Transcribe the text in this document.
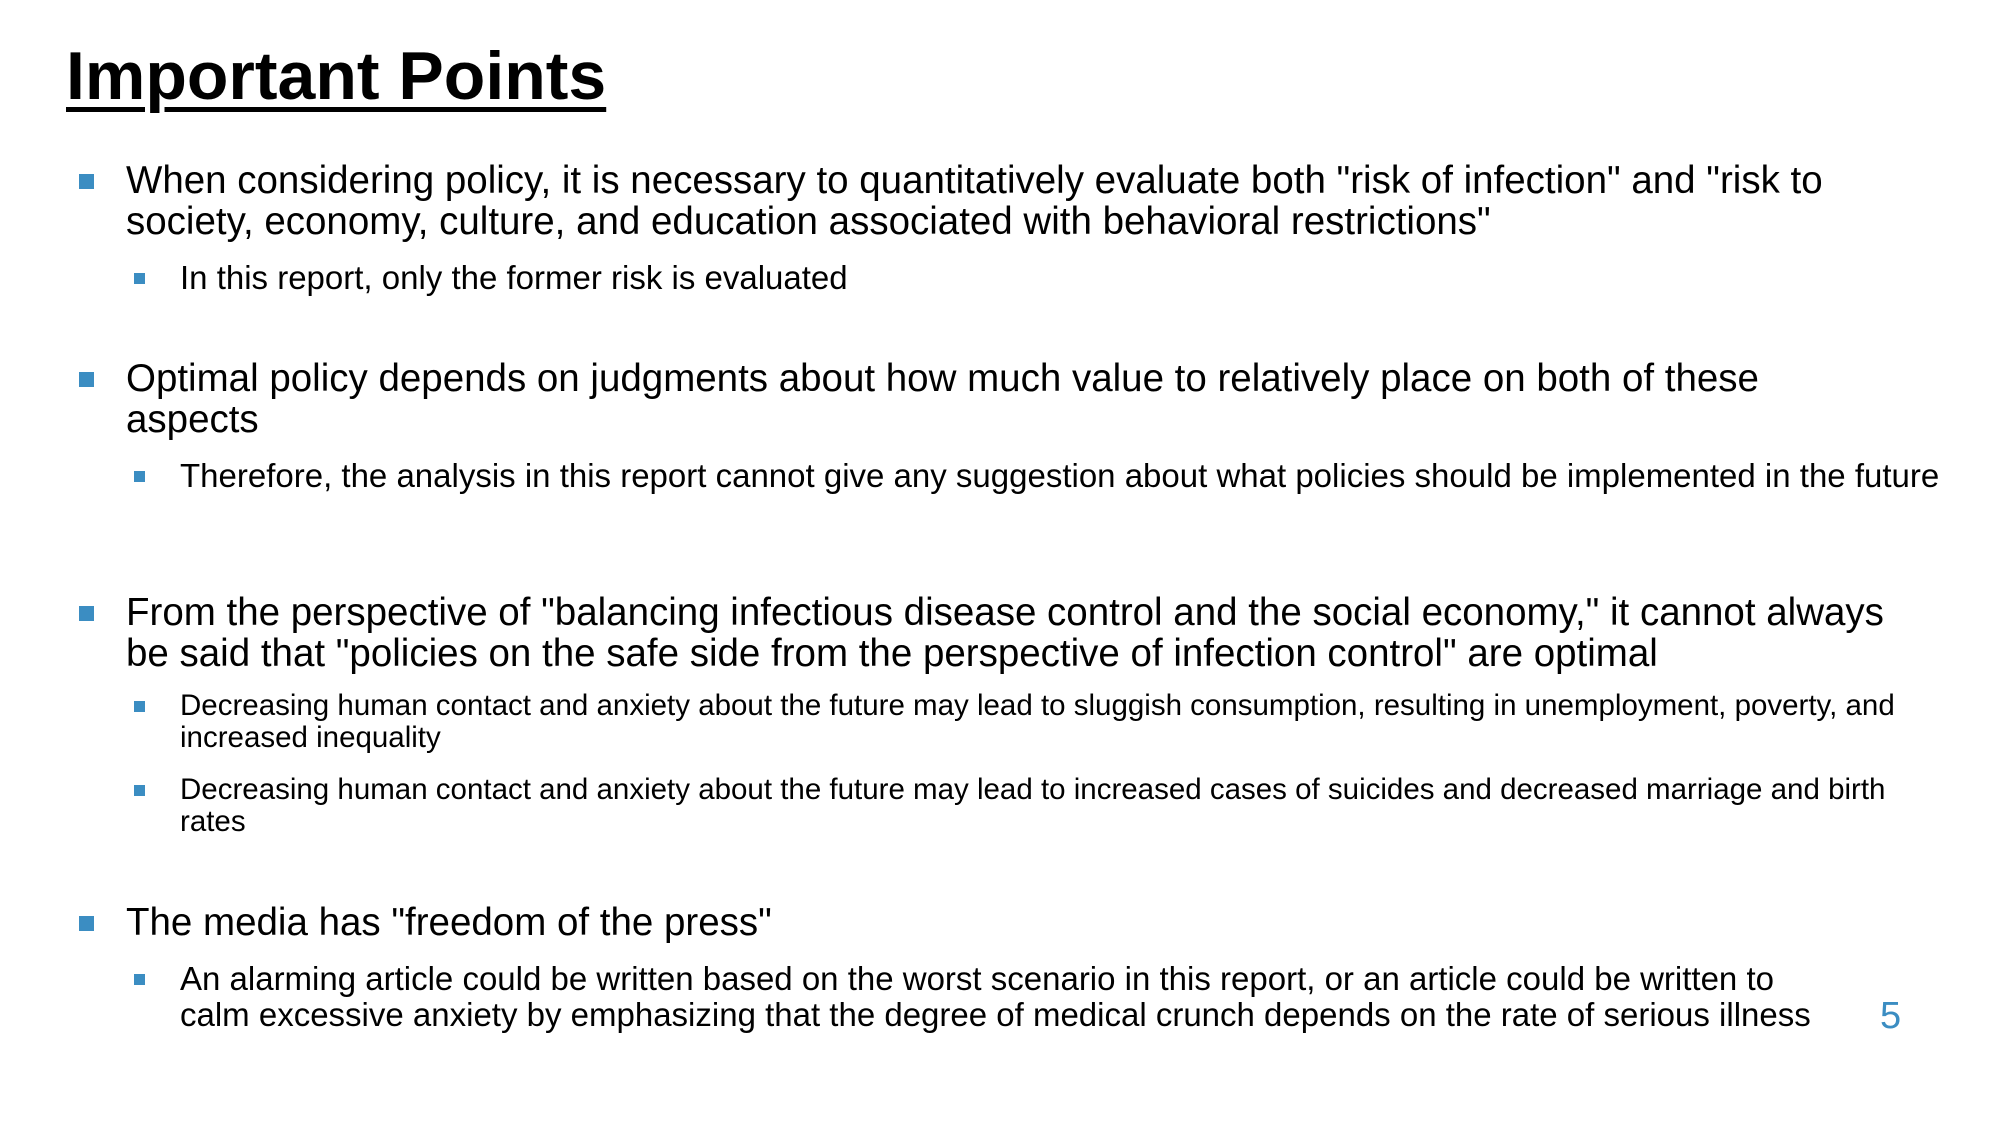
Important Points
When considering policy, it is necessary to quantitatively evaluate both "risk of infection" and "risk to society, economy, culture, and education associated with behavioral restrictions"
In this report, only the former risk is evaluated
Optimal policy depends on judgments about how much value to relatively place on both of these aspects
Therefore, the analysis in this report cannot give any suggestion about what policies should be implemented in the future
From the perspective of "balancing infectious disease control and the social economy," it cannot always be said that "policies on the safe side from the perspective of infection control" are optimal
Decreasing human contact and anxiety about the future may lead to sluggish consumption, resulting in unemployment, poverty, and increased inequality
Decreasing human contact and anxiety about the future may lead to increased cases of suicides and decreased marriage and birth rates
The media has "freedom of the press"
An alarming article could be written based on the worst scenario in this report, or an article could be written to calm excessive anxiety by emphasizing that the degree of medical crunch depends on the rate of serious illness	5
